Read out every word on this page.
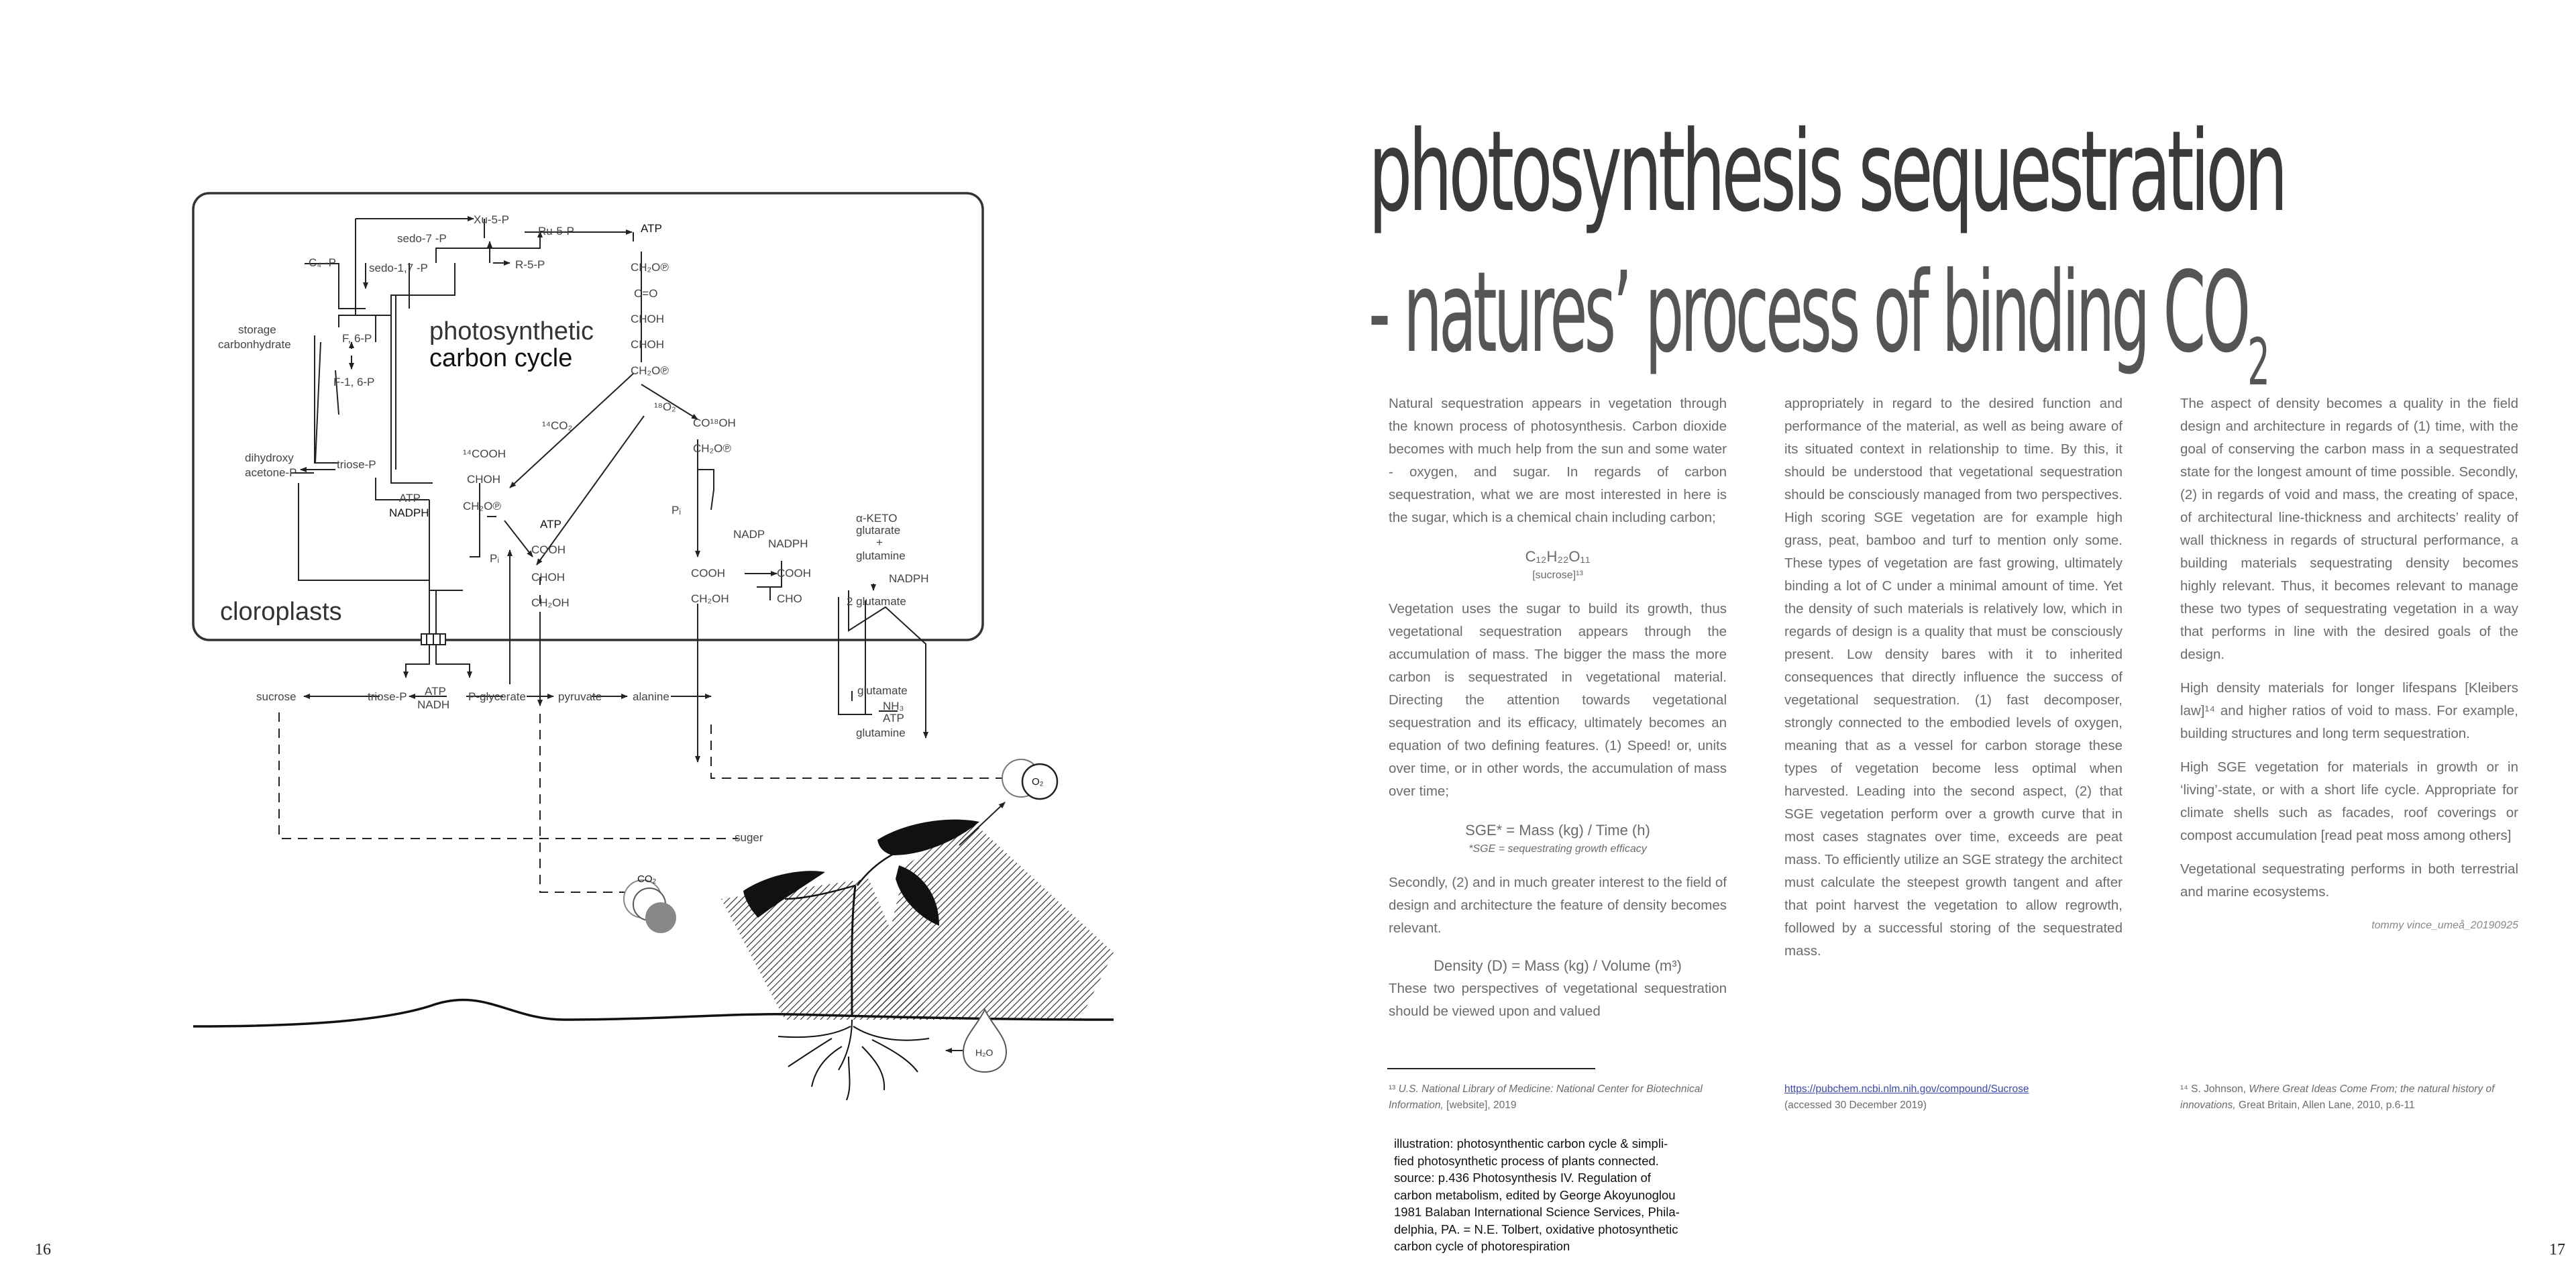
photosynthetic
carbon cycle
cloroplasts
Xu-5-P
Ru-5-P	ATP
sedo-7 -P
sedo-1,7 -P	R-5-P
C₄ -P
storage
carbonhydrate	F, 6-P
F-1, 6-P
CH₂O℗
C=O
CHOH
CHOH
CH₂O℗
¹⁸O₂
¹⁴CO₂
¹⁴COOH
CHOH
CH₂O℗
ATP
Pᵢ
COOH
CHOH
CH₂OH
CO¹⁸OH
CH₂O℗
Pᵢ
NADP
NADPH
COOH
CH₂OH
COOH
CHO
dihydroxy
acetone-P
triose-P
ATP
NADPH	α-KETO
glutarate
+
glutamine
NADPH
2 glutamate
glutamate
NH₃
ATP
glutamine
sucrose	triose-P ATP
NADH
P-glycerate	pyruvate	alanine
suger
CO₂
O₂
H₂O
16
photosynthesis sequestration
- natures’ process of binding $CO_2$

Natural sequestration appears in vegetation through the known process of photosynthesis. Carbon dioxide becomes with much help from the sun and some water - oxygen, and sugar. In regards of carbon sequestration, what we are most interested in here is the sugar, which is a chemical chain including carbon;

C₁₂H₂₂O₁₁
[sucrose]¹³

Vegetation uses the sugar to build its growth, thus vegetational sequestration appears through the accumulation of mass. The bigger the mass the more carbon is sequestrated in vegetational material. Directing the attention towards vegetational sequestration and its efficacy, ultimately becomes an equation of two defining features. (1) Speed! or, units over time, or in other words, the accumulation of mass over time;

SGE* = Mass (kg) / Time (h)
*SGE = sequestrating growth efficacy

Secondly, (2) and in much greater interest to the field of design and architecture the feature of density becomes relevant.

Density (D) = Mass (kg) / Volume (m³)

These two perspectives of vegetational sequestration should be viewed upon and valued

appropriately in regard to the desired function and performance of the material, as well as being aware of its situated context in relationship to time. By this, it should be understood that vegetational sequestration should be consciously managed from two perspectives. High scoring SGE vegetation are for example high grass, peat, bamboo and turf to mention only some. These types of vegetation are fast growing, ultimately binding a lot of C under a minimal amount of time. Yet the density of such materials is relatively low, which in regards of design is a quality that must be consciously present. Low density bares with it to inherited consequences that directly influence the success of vegetational sequestration. (1) fast decomposer, strongly connected to the embodied levels of oxygen, meaning that as a vessel for carbon storage these types of vegetation become less optimal when harvested. Leading into the second aspect, (2) that SGE vegetation perform over a growth curve that in most cases stagnates over time, exceeds are peat mass. To efficiently utilize an SGE strategy the architect must calculate the steepest growth tangent and after that point harvest the vegetation to allow regrowth, followed by a successful storing of the sequestrated mass.

The aspect of density becomes a quality in the field design and architecture in regards of (1) time, with the goal of conserving the carbon mass in a sequestrated state for the longest amount of time possible. Secondly, (2) in regards of void and mass, the creating of space, of architectural line-thickness and architects’ reality of wall thickness in regards of structural performance, a building materials sequestrating density becomes highly relevant. Thus, it becomes relevant to manage these two types of sequestrating vegetation in a way that performs in line with the desired goals of the design.

High density materials for longer lifespans [Kleibers law]¹⁴ and higher ratios of void to mass. For example, building structures and long term sequestration.

High SGE vegetation for materials in growth or in ‘living’-state, or with a short life cycle. Appropriate for climate shells such as facades, roof coverings or compost accumulation [read peat moss among others]

Vegetational sequestrating performs in both terrestrial and marine ecosystems.

tommy vince_umeå_20190925
¹³ U.S. National Library of Medicine: National Center for Biotechnical Information, [website], 2019
https://pubchem.ncbi.nlm.nih.gov/compound/Sucrose
(accessed 30 December 2019)
¹⁴ S. Johnson, Where Great Ideas Come From; the natural history of innovations, Great Britain, Allen Lane, 2010, p.6-11

illustration: photosynthentic carbon cycle & simpli-

fied photosynthetic process of plants connected.

source: p.436 Photosynthesis IV. Regulation of

carbon metabolism, edited by George Akoyunoglou

1981 Balaban International Science Services, Phila-

delphia, PA. = N.E. Tolbert, oxidative photosynthetic

carbon cycle of photorespiration	17
